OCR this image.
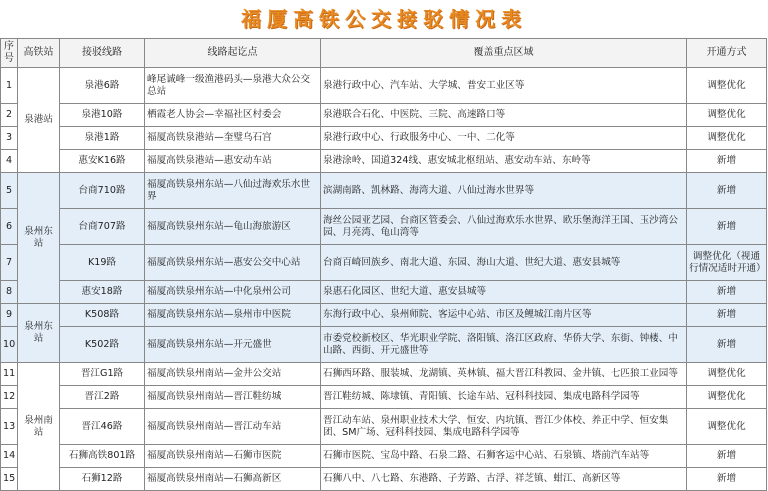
福厦高铁公交接驳情况表
序号	高铁站	接驳线路	线路起讫点	覆盖重点区域	开通方式
1	泉港站	泉港6路	峰尾诚峰一级渔港码头—泉港大众公交总站	泉港行政中心、汽车站、大学城、普安工业区等	调整优化
2		泉港10路	栖霞老人协会—幸福社区村委会	泉港联合石化、中医院、三院、高速路口等	调整优化
3		泉港1路	福厦高铁泉港站—奎璧乌石宫	泉港行政中心、行政服务中心、一中、二化等	调整优化
4		惠安K16路	福厦高铁泉港站—惠安动车站	泉港涂岭、国道324线、惠安城北枢纽站、惠安动车站、东岭等	新增
5	泉州东站	台商710路	福厦高铁泉州东站—八仙过海欢乐水世界	滨湖南路、凯林路、海湾大道、八仙过海水世界等	新增
6		台商707路	福厦高铁泉州东站—龟山海旅游区	海丝公园亚艺园、台商区管委会、八仙过海欢乐水世界、欧乐堡海洋王国、玉沙湾公园、月亮湾、龟山湾等	新增
7		K19路	福厦高铁泉州东站—惠安公交中心站	台商百崎回族乡、南北大道、东园、海山大道、世纪大道、惠安县城等	调整优化（视通行情况适时开通）
8		惠安18路	福厦高铁泉州东站—中化泉州公司	泉惠石化园区、世纪大道、惠安县城等	新增
9	泉州东站	K508路	福厦高铁泉州东站—泉州市中医院	东海行政中心、泉州师院、客运中心站、市区及鲤城江南片区等	新增
10		K502路	福厦高铁泉州东站—开元盛世	市委党校新校区、华光职业学院、洛阳镇、洛江区政府、华侨大学、东街、钟楼、中山路、西街、开元盛世等	新增
11	泉州南站	晋江G1路	福厦高铁泉州南站—金井公交站	石狮西环路、服装城、龙湖镇、英林镇、福大晋江科教园、金井镇、七匹狼工业园等	调整优化
12		晋江2路	福厦高铁泉州南站—晋江鞋纺城	晋江鞋纺城、陈埭镇、青阳镇、长途车站、冠科科技园、集成电路科学园等	调整优化
13		晋江46路	福厦高铁泉州南站—晋江动车站	晋江动车站、泉州职业技术大学、恒安、内坑镇、晋江少体校、养正中学、恒安集团、SM广场、冠科科技园、集成电路科学园等	调整优化
14		石狮高铁801路	福厦高铁泉州南站—石狮市医院	石狮市医院、宝岛中路、石泉二路、石狮客运中心站、石泉镇、塔前汽车站等	新增
15		石狮12路	福厦高铁泉州南站—石狮高新区	石狮八中、八七路、东港路、子芳路、古浮、祥芝镇、蚶江、高新区等	新增
